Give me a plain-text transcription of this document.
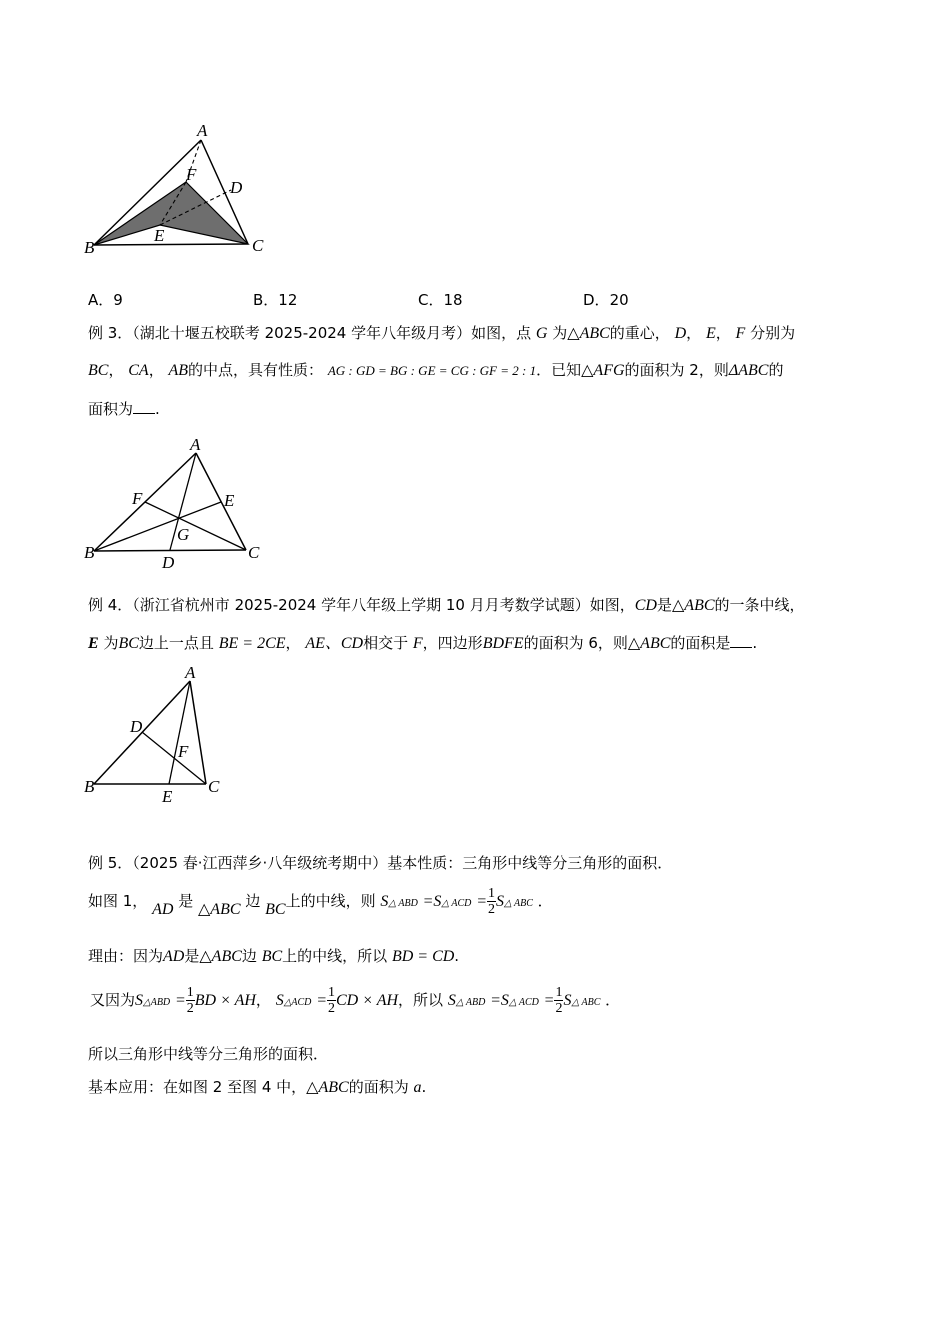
A
F
D
E
B	C
A．9	B．12	C．18	D．20
例 3．（湖北十堰五校联考 2025-2024 学年八年级月考）如图，点 G 为△ABC的重心， D， E， F 分别为
BC， CA， AB的中点，具有性质： AG : GD = BG : GE = CG : GF = 2 : 1．已知△AFG的面积为 2，则ΔABC的
面积为 .
A
F	E
G
B
D
C
例 4．（浙江省杭州市 2025-2024 学年八年级上学期 10 月月考数学试题）如图，CD是△ABC的一条中线，
E 为BC边上一点且 BE = 2CE， AE、CD相交于 F，四边形BDFE的面积为 6，则△ABC的面积是 .
A
D
F
B
E
C
例 5．（2025 春·江西萍乡·八年级统考期中）基本性质：三角形中线等分三角形的面积．
如图 1， AD 是 △ABC 边 BC上的中线，则 S△ ABD =S△ ACD = $\frac{1}{2}$ S△ ABC ．
理由：因为AD是△ABC边 BC上的中线，所以 BD = CD.
又因为S△ABD = $\frac{1}{2}$ BD × AH， S△ACD = $\frac{1}{2}$ CD × AH，所以 S△ ABD =S△ ACD = $\frac{1}{2}$ S△ ABC ．
所以三角形中线等分三角形的面积．
基本应用：在如图 2 至图 4 中，△ABC的面积为 a.
